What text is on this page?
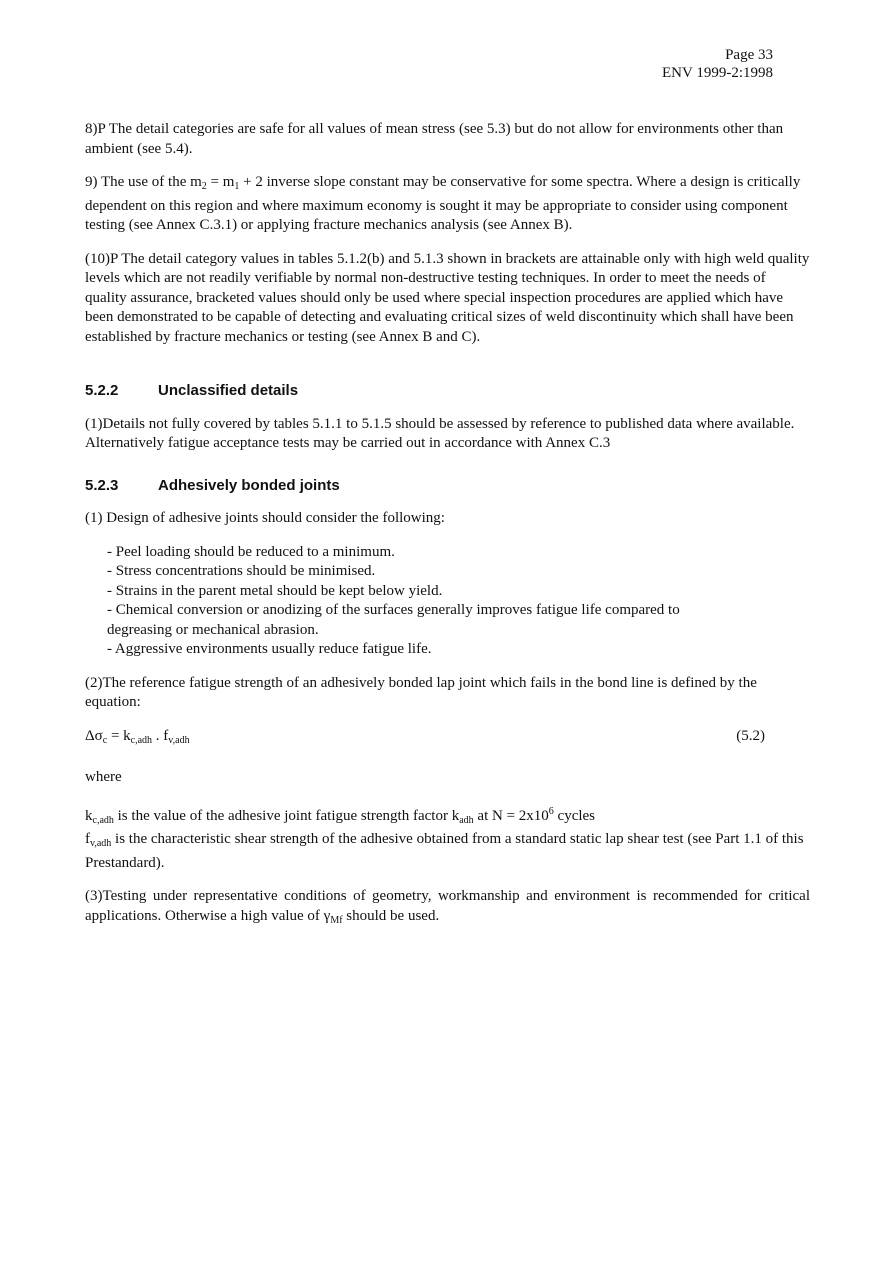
Page 33
ENV 1999-2:1998

8)P The detail categories are safe for all values of mean stress (see 5.3) but do not allow for environments other than ambient (see 5.4).

9) The use of the $m_2 = m_1 + 2$ inverse slope constant may be conservative for some spectra. Where a design is critically dependent on this region and where maximum economy is sought it may be appropriate to consider using component testing (see Annex C.3.1) or applying fracture mechanics analysis (see Annex B).

(10)P The detail category values in tables 5.1.2(b) and 5.1.3 shown in brackets are attainable only with high weld quality levels which are not readily verifiable by normal non-destructive testing techniques. In order to meet the needs of quality assurance, bracketed values should only be used where special inspection procedures are applied which have been demonstrated to be capable of detecting and evaluating critical sizes of weld discontinuity which shall have been established by fracture mechanics or testing (see Annex B and C).

5.2.2	Unclassified details

(1)Details not fully covered by tables 5.1.1 to 5.1.5 should be assessed by reference to published data where available. Alternatively fatigue acceptance tests may be carried out in accordance with Annex C.3

5.2.3	Adhesively bonded joints

(1) Design of adhesive joints should consider the following:

- Peel loading should be reduced to a minimum.
- Stress concentrations should be minimised.
- Strains in the parent metal should be kept below yield.
- Chemical conversion or anodizing of the surfaces generally improves fatigue life compared to
degreasing or mechanical abrasion.
- Aggressive environments usually reduce fatigue life.

(2)The reference fatigue strength of an adhesively bonded lap joint which fails in the bond line is defined by the equation:

$\Delta\sigma_c = k_{c,adh}$ . $f_{v,adh}$	(5.2)

where

$k_{c,adh}$ is the value of the adhesive joint fatigue strength factor $k_{adh}$ at $N = 2x10^6$ cycles
$f_{v,adh}$ is the characteristic shear strength of the adhesive obtained from a standard static lap shear test (see Part 1.1 of this Prestandard).

(3)Testing under representative conditions of geometry, workmanship and environment is recommended for critical applications. Otherwise a high value of $\gamma_{Mf}$ should be used.
